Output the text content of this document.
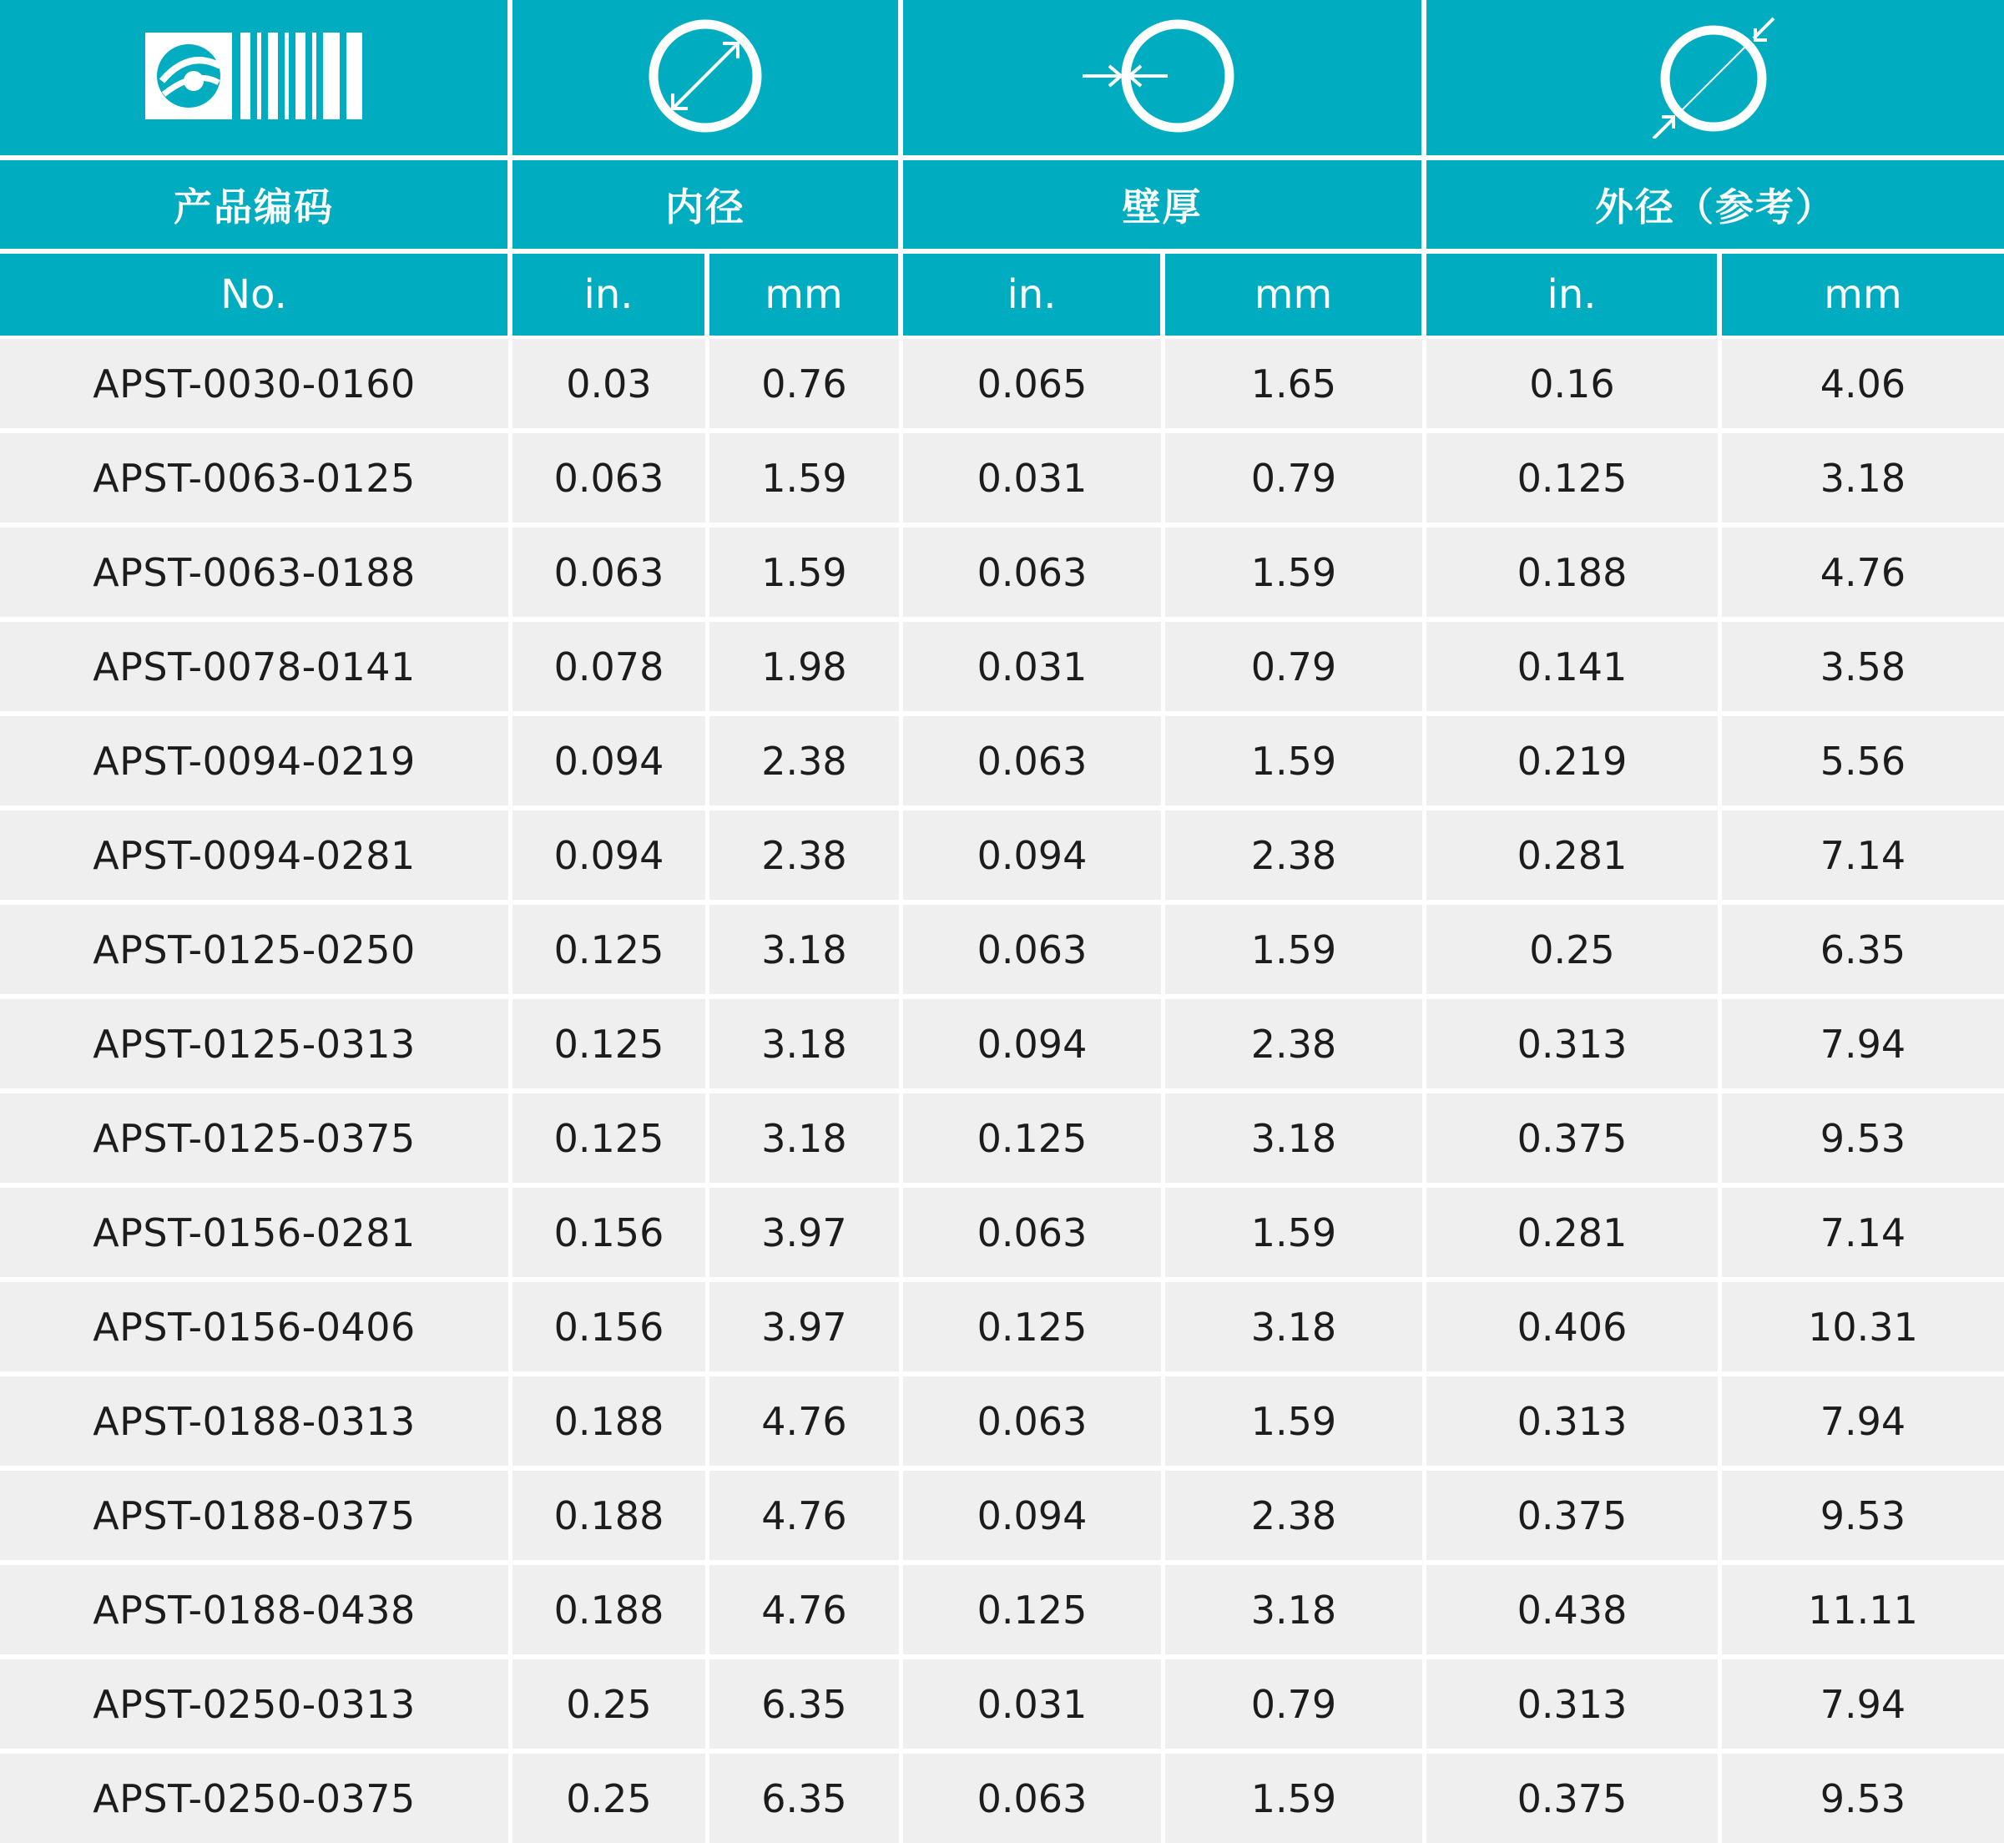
产品编码	内径		壁厚		外径（参考）	
No.	in.	mm	in.	mm	in.	mm
APST-0030-0160	0.03	0.76	0.065	1.65	0.16	4.06
APST-0063-0125	0.063	1.59	0.031	0.79	0.125	3.18
APST-0063-0188	0.063	1.59	0.063	1.59	0.188	4.76
APST-0078-0141	0.078	1.98	0.031	0.79	0.141	3.58
APST-0094-0219	0.094	2.38	0.063	1.59	0.219	5.56
APST-0094-0281	0.094	2.38	0.094	2.38	0.281	7.14
APST-0125-0250	0.125	3.18	0.063	1.59	0.25	6.35
APST-0125-0313	0.125	3.18	0.094	2.38	0.313	7.94
APST-0125-0375	0.125	3.18	0.125	3.18	0.375	9.53
APST-0156-0281	0.156	3.97	0.063	1.59	0.281	7.14
APST-0156-0406	0.156	3.97	0.125	3.18	0.406	10.31
APST-0188-0313	0.188	4.76	0.063	1.59	0.313	7.94
APST-0188-0375	0.188	4.76	0.094	2.38	0.375	9.53
APST-0188-0438	0.188	4.76	0.125	3.18	0.438	11.11
APST-0250-0313	0.25	6.35	0.031	0.79	0.313	7.94
APST-0250-0375	0.25	6.35	0.063	1.59	0.375	9.53
